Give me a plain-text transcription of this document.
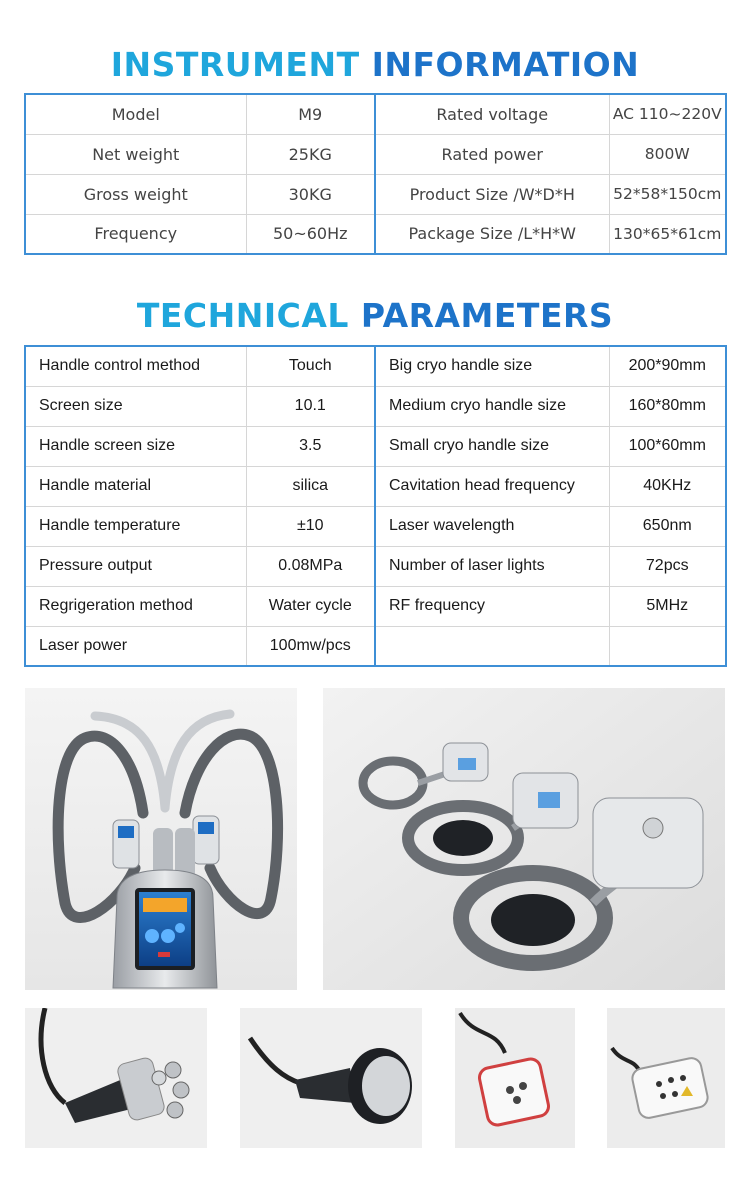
INSTRUMENT INFORMATION
Model	M9	Rated voltage	AC 110~220V
Net weight	25KG	Rated power	800W
Gross weight	30KG	Product Size /W*D*H	52*58*150cm
Frequency	50~60Hz	Package Size /L*H*W	130*65*61cm
TECHNICAL PARAMETERS
Handle control method	Touch	Big cryo handle size	200*90mm
Screen size	10.1	Medium cryo handle size	160*80mm
Handle screen size	3.5	Small cryo handle size	100*60mm
Handle material	silica	Cavitation head frequency	40KHz
Handle temperature	±10	Laser wavelength	650nm
Pressure output	0.08MPa	Number of laser lights	72pcs
Regrigeration method	Water cycle	RF frequency	5MHz
Laser power	100mw/pcs		
